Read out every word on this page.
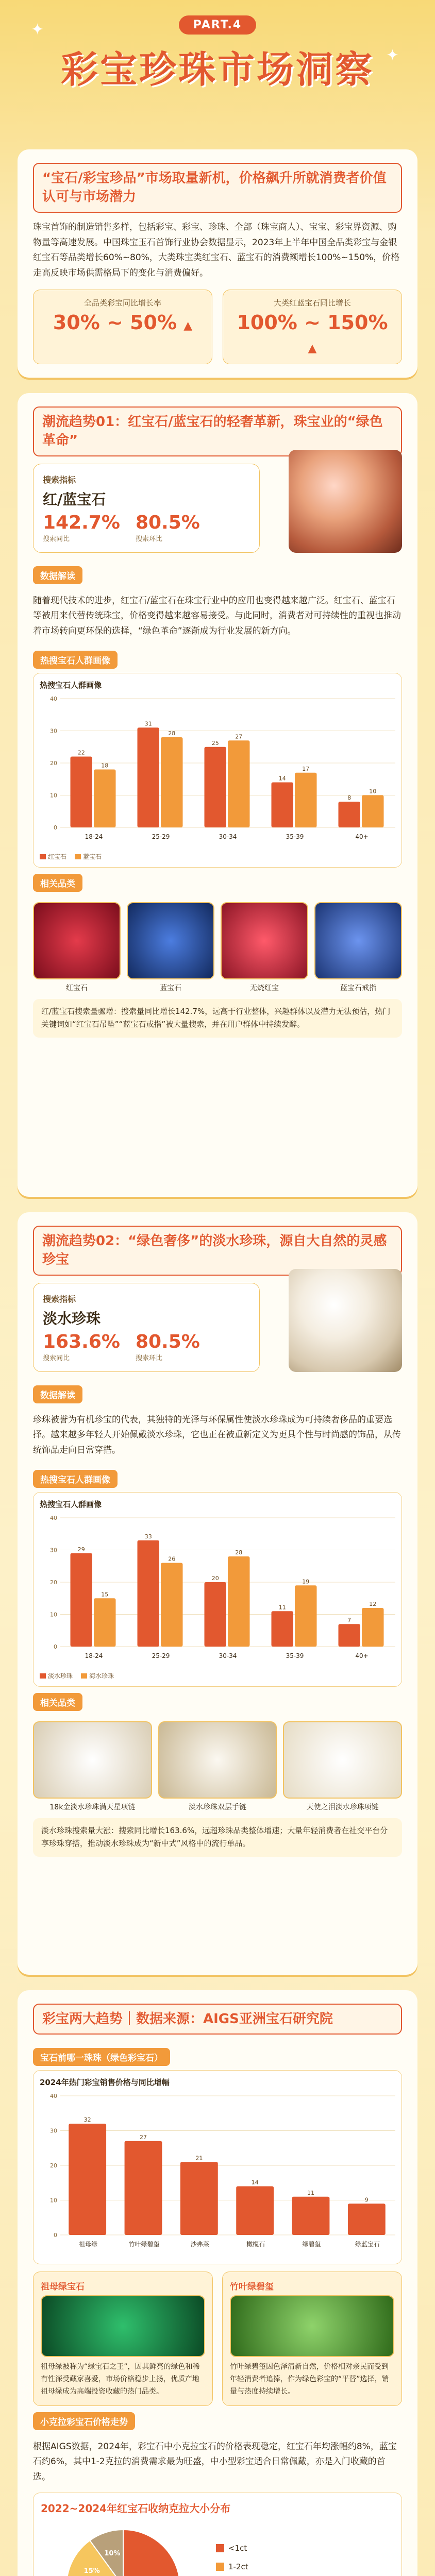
✦
✦
PART.4
彩宝珍珠市场洞察
“宝石/彩宝珍品”市场取量新机，价格飙升所就消费者价值认可与市场潜力

珠宝首饰的制造销售多样，包括彩宝、彩宝、珍珠、全部（珠宝商人）、宝宝、彩宝界资源、购物量等高速发展。中国珠宝玉石首饰行业协会数据显示，2023年上半年中国全品类彩宝与金银红宝石等品类增长60%~80%，大类珠宝类红宝石、蓝宝石的消费额增长100%~150%，价格走高反映市场供需格局下的变化与消费偏好。

全品类彩宝同比增长率
30% ~ 50% ▲
大类红蓝宝石同比增长
100% ~ 150% ▲
潮流趋势01：红宝石/蓝宝石的轻奢革新，珠宝业的“绿色革命”
搜索指标
红/蓝宝石
142.7%
搜索同比
80.5%
搜索环比
数据解读

随着现代技术的进步，红宝石/蓝宝石在珠宝行业中的应用也变得越来越广泛。红宝石、蓝宝石等被用来代替传统珠宝，价格变得越来越容易接受。与此同时，消费者对可持续性的重视也推动着市场转向更环保的选择，“绿色革命”逐渐成为行业发展的新方向。

热搜宝石人群画像
热搜宝石人群画像
0
10
20
30
40
22
18
18-24
31
28
25-29
25
27
30-34
14
17
35-39
8
10
40+
红宝石	蓝宝石
相关品类
红宝石	蓝宝石	无烧红宝	蓝宝石戒指
红/蓝宝石搜索量骤增：搜索量同比增长142.7%，远高于行业整体，兴趣群体以及潜力无法预估，热门关键词如“红宝石吊坠”“蓝宝石戒指”被大量搜索，并在用户群体中持续发酵。
潮流趋势02：“绿色奢侈”的淡水珍珠，源自大自然的灵感珍宝
搜索指标
淡水珍珠
163.6%
搜索同比
80.5%
搜索环比
数据解读

珍珠被誉为有机珍宝的代表，其独特的光泽与环保属性使淡水珍珠成为可持续奢侈品的重要选择。越来越多年轻人开始佩戴淡水珍珠，它也正在被重新定义为更具个性与时尚感的饰品，从传统饰品走向日常穿搭。

热搜宝石人群画像
热搜宝石人群画像
0
10
20
30
40
29
15
18-24
33
26
25-29
20
28
30-34
11
19
35-39
7
12
40+
淡水珍珠	海水珍珠
相关品类
18k金淡水珍珠满天星项链	淡水珍珠双层手链	天使之泪淡水珍珠项链
淡水珍珠搜索量大涨：搜索同比增长163.6%，远超珍珠品类整体增速；大量年轻消费者在社交平台分享珍珠穿搭，推动淡水珍珠成为“新中式”风格中的流行单品。
彩宝两大趋势｜数据来源：AIGS亚洲宝石研究院
宝石前哪一珠珠（绿色彩宝石）
2024年热门彩宝销售价格与同比增幅
0
10
20
30
40
32
祖母绿
27
竹叶绿碧玺
21
沙弗莱
14
橄榄石
11
绿碧玺
9
绿蓝宝石
祖母绿宝石
祖母绿被称为“绿宝石之王”，因其鲜亮的绿色和稀有性深受藏家喜爱，市场价格稳步上扬，优质产地祖母绿成为高端投资收藏的热门品类。
竹叶绿碧玺
竹叶绿碧玺因色泽清新自然，价格相对亲民而受到年轻消费者追捧，作为绿色彩宝的“平替”选择，销量与热度持续增长。
小克拉彩宝石价格走势

根据AIGS数据，2024年，彩宝石中小克拉宝石的价格表现稳定，红宝石年均涨幅约8%，蓝宝石约6%，其中1-2克拉的消费需求最为旺盛，中小型彩宝适合日常佩戴，亦是入门收藏的首选。

2022~2024年红宝石收纳克拉大小分布
<1ct
1-2ct
15%
10%
